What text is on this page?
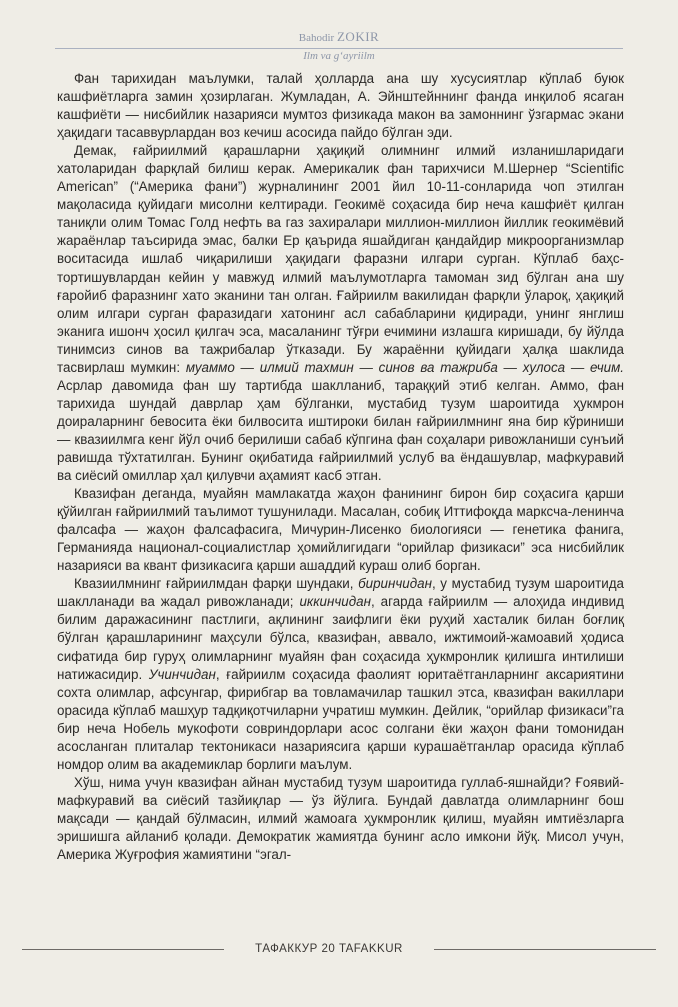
Bahodir ZOKIR
Ilm va g‘ayriilm

Фан тарихидан маълумки, талай ҳолларда ана шу хусусиятлар кўплаб буюк кашфиётларга замин ҳозирлаган. Жумладан, А. Эйнштейннинг фанда инқилоб ясаган кашфиёти — нисбийлик назарияси мумтоз физикада макон ва замоннинг ўзгармас экани ҳақидаги тасаввурлардан воз кечиш асосида пайдо бўлган эди.

Демак, ғайриилмий қарашларни ҳақиқий олимнинг илмий изланишларидаги хатоларидан фарқлай билиш керак. Америкалик фан тарихчиси М.Шернер “Scientific American” (“Америка фани”) журналининг 2001 йил 10-11-сонларида чоп этилган мақоласида қуйидаги мисолни келтиради. Геокимё соҳасида бир неча кашфиёт қилган таниқли олим Томас Голд нефть ва газ захиралари миллион-миллион йиллик геокимёвий жараёнлар таъсирида эмас, балки Ер қаърида яшайдиган қандайдир микроорганизмлар воситасида ишлаб чиқарилиши ҳақидаги фаразни илгари сурган. Кўплаб баҳс-тортишувлардан кейин у мавжуд илмий маълумотларга тамоман зид бўлган ана шу ғаройиб фаразнинг хато эканини тан олган. Ғайриилм вакилидан фарқли ўлароқ, ҳақиқий олим илгари сурган фаразидаги хатонинг асл сабабларини қидиради, унинг янглиш эканига ишонч ҳосил қилгач эса, масаланинг тўғри ечимини излашга киришади, бу йўлда тинимсиз синов ва тажрибалар ўтказади. Бу жараённи қуйидаги ҳалқа шаклида тасвирлаш мумкин: муаммо — илмий тахмин — синов ва тажриба — хулоса — ечим. Асрлар давомида фан шу тартибда шаклланиб, тараққий этиб келган. Аммо, фан тарихида шундай даврлар ҳам бўлганки, мустабид тузум шароитида ҳукмрон доираларнинг бевосита ёки билвосита иштироки билан ғайриилмнинг яна бир кўриниши — квазиилмга кенг йўл очиб берилиши сабаб кўпгина фан соҳалари ривожланиши сунъий равишда тўхтатилган. Бунинг оқибатида ғайриилмий услуб ва ёндашувлар, мафкуравий ва сиёсий омиллар ҳал қилувчи аҳамият касб этган.

Квазифан деганда, муайян мамлакатда жаҳон фанининг бирон бир соҳасига қарши қўйилган ғайриилмий таълимот тушунилади. Масалан, собиқ Иттифоқда маркcча-ленинча фалсафа — жаҳон фалсафасига, Мичурин-Лисенко биологияси — генетика фанига, Германияда национал-социалистлар ҳомийлигидаги “орийлар физикаси” эса нисбийлик назарияси ва квант физикасига қарши ашаддий кураш олиб борган.

Квазиилмнинг ғайриилмдан фарқи шундаки, биринчидан, у мустабид тузум шароитида шаклланади ва жадал ривожланади; иккинчидан, агарда ғайриилм — алоҳида индивид билим даражасининг пастлиги, ақлининг заифлиги ёки руҳий хасталик билан боғлиқ бўлган қарашларининг маҳсули бўлса, квазифан, аввало, ижтимоий-жамоавий ҳодиса сифатида бир гуруҳ олимларнинг муайян фан соҳасида ҳукмронлик қилишга интилиши натижасидир. Учинчидан, ғайриилм соҳасида фаолият юритаётганларнинг аксариятини сохта олимлар, афсунгар, фирибгар ва товламачилар ташкил этса, квазифан вакиллари орасида кўплаб машҳур тадқиқотчиларни учратиш мумкин. Дейлик, “орийлар физикаси”га бир неча Нобель мукофоти совриндорлари асос солгани ёки жаҳон фани томонидан асосланган плиталар тектоникаси назариясига қарши курашаётганлар орасида кўплаб номдор олим ва академиклар борлиги маълум.

Хўш, нима учун квазифан айнан мустабид тузум шароитида гуллаб-яшнайди? Ғоявий-мафкуравий ва сиёсий тазйиқлар — ўз йўлига. Бундай давлатда олимларнинг бош мақсади — қандай бўлмасин, илмий жамоага ҳукмронлик қилиш, муайян имтиёзларга эришишга айланиб қолади. Демократик жамиятда бунинг асло имкони йўқ. Мисол учун, Америка Жуғрофия жамиятини “эгал-

ТАФАККУР 20 TAFAKKUR
